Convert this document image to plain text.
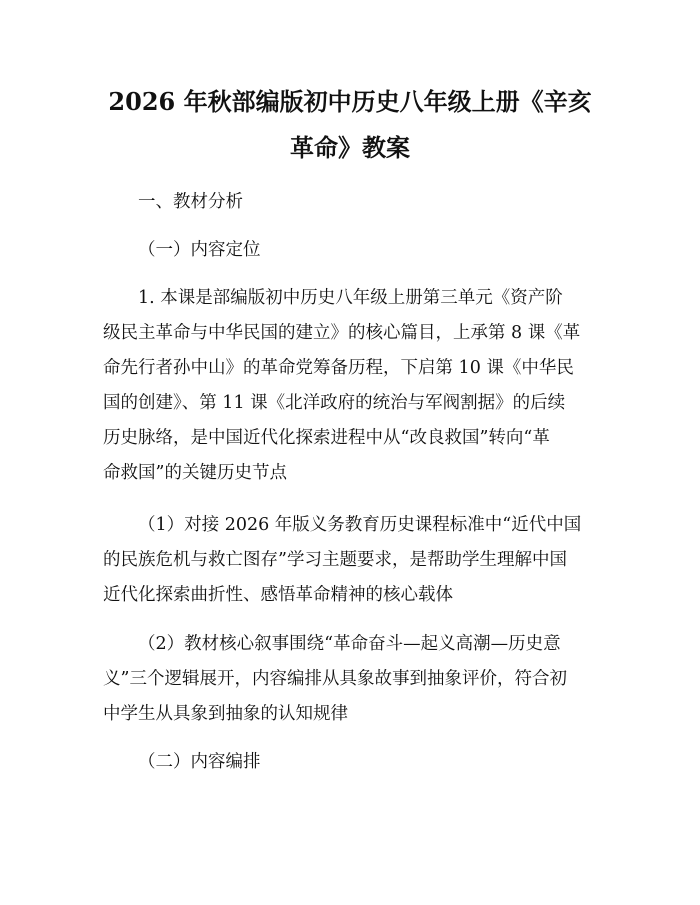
2026 年秋部编版初中历史八年级上册《辛亥
革命》教案

一、教材分析

（一）内容定位

1. 本课是部编版初中历史八年级上册第三单元《资产阶

级民主革命与中华民国的建立》的核心篇目，上承第 8 课《革

命先行者孙中山》的革命党筹备历程，下启第 10 课《中华民

国的创建》、第 11 课《北洋政府的统治与军阀割据》的后续

历史脉络，是中国近代化探索进程中从“改良救国”转向“革

命救国”的关键历史节点

（1）对接 2026 年版义务教育历史课程标准中“近代中国

的民族危机与救亡图存”学习主题要求，是帮助学生理解中国

近代化探索曲折性、感悟革命精神的核心载体

（2）教材核心叙事围绕“革命奋斗—起义高潮—历史意

义”三个逻辑展开，内容编排从具象故事到抽象评价，符合初

中学生从具象到抽象的认知规律

（二）内容编排
